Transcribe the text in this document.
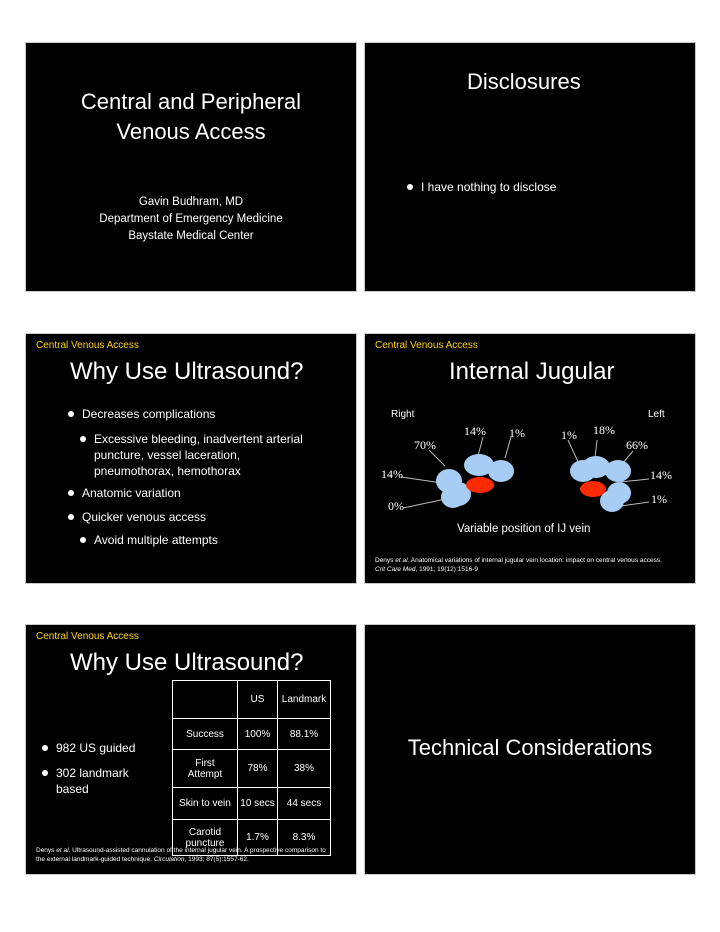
Central and Peripheral
Venous Access
Gavin Budhram, MD
Department of Emergency Medicine
Baystate Medical Center
Disclosures
I have nothing to disclose
Central Venous Access
Why Use Ultrasound?
Decreases complications
Excessive bleeding, inadvertent arterial
puncture, vessel laceration,
pneumothorax, hemothorax
Anatomic variation
Quicker venous access
Avoid multiple attempts
Central Venous Access
Internal Jugular
Right	Left
14% 1%
70%
14%
0%
1% 18%
66%
14%
1%
Variable position of IJ vein
Denys et al. Anatomical variations of internal jugular vein location: impact on central venous access.
Crit Care Med, 1991; 19(12):1516-9
Central Venous Access
Why Use Ultrasound?
982 US guided
302 landmark
based
	US	Landmark
Success	100%	88.1%
First
Attempt	78%	38%
Skin to vein	10 secs	44 secs
Carotid
puncture	1.7%	8.3%
Denys et al. Ultrasound-assisted cannulation of the internal jugular vein. A prospective comparison to
the external landmark-guided technique. Circulation, 1993; 87(5):1557-62.
Technical Considerations
